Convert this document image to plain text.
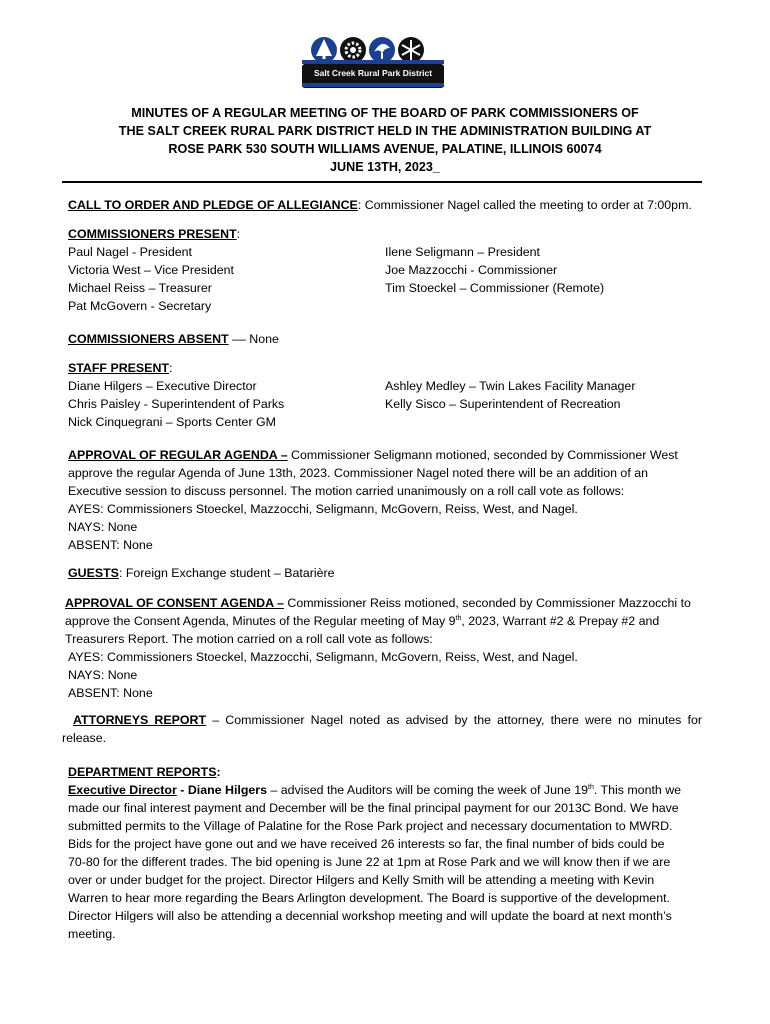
Salt Creek Rural Park District
MINUTES OF A REGULAR MEETING OF THE BOARD OF PARK COMMISSIONERS OF
THE SALT CREEK RURAL PARK DISTRICT HELD IN THE ADMINISTRATION BUILDING AT
ROSE PARK 530 SOUTH WILLIAMS AVENUE, PALATINE, ILLINOIS 60074
JUNE 13TH, 2023_
CALL TO ORDER AND PLEDGE OF ALLEGIANCE: Commissioner Nagel called the meeting to order at 7:00pm.
COMMISSIONERS PRESENT:
Paul Nagel - President
Victoria West – Vice President
Michael Reiss – Treasurer
Pat McGovern - Secretary
Ilene Seligmann – President
Joe Mazzocchi - Commissioner
Tim Stoeckel – Commissioner (Remote)
COMMISSIONERS ABSENT –– None
STAFF PRESENT:
Diane Hilgers – Executive Director
Chris Paisley - Superintendent of Parks
Nick Cinquegrani – Sports Center GM
Ashley Medley – Twin Lakes Facility Manager
Kelly Sisco – Superintendent of Recreation
APPROVAL OF REGULAR AGENDA – Commissioner Seligmann motioned, seconded by Commissioner West
approve the regular Agenda of June 13th, 2023. Commissioner Nagel noted there will be an addition of an
Executive session to discuss personnel. The motion carried unanimously on a roll call vote as follows:
AYES: Commissioners Stoeckel, Mazzocchi, Seligmann, McGovern, Reiss, West, and Nagel.
NAYS: None
ABSENT: None
GUESTS: Foreign Exchange student – Batarière
APPROVAL OF CONSENT AGENDA – Commissioner Reiss motioned, seconded by Commissioner Mazzocchi to
approve the Consent Agenda, Minutes of the Regular meeting of May 9th, 2023, Warrant #2 & Prepay #2 and
Treasurers Report. The motion carried on a roll call vote as follows:
AYES: Commissioners Stoeckel, Mazzocchi, Seligmann, McGovern, Reiss, West, and Nagel.
NAYS: None
ABSENT: None
ATTORNEYS REPORT – Commissioner Nagel noted as advised by the attorney, there were no minutes for
release.
DEPARTMENT REPORTS:
Executive Director - Diane Hilgers – advised the Auditors will be coming the week of June 19th. This month we
made our final interest payment and December will be the final principal payment for our 2013C Bond. We have
submitted permits to the Village of Palatine for the Rose Park project and necessary documentation to MWRD.
Bids for the project have gone out and we have received 26 interests so far, the final number of bids could be
70-80 for the different trades. The bid opening is June 22 at 1pm at Rose Park and we will know then if we are
over or under budget for the project. Director Hilgers and Kelly Smith will be attending a meeting with Kevin
Warren to hear more regarding the Bears Arlington development. The Board is supportive of the development.
Director Hilgers will also be attending a decennial workshop meeting and will update the board at next month’s
meeting.
